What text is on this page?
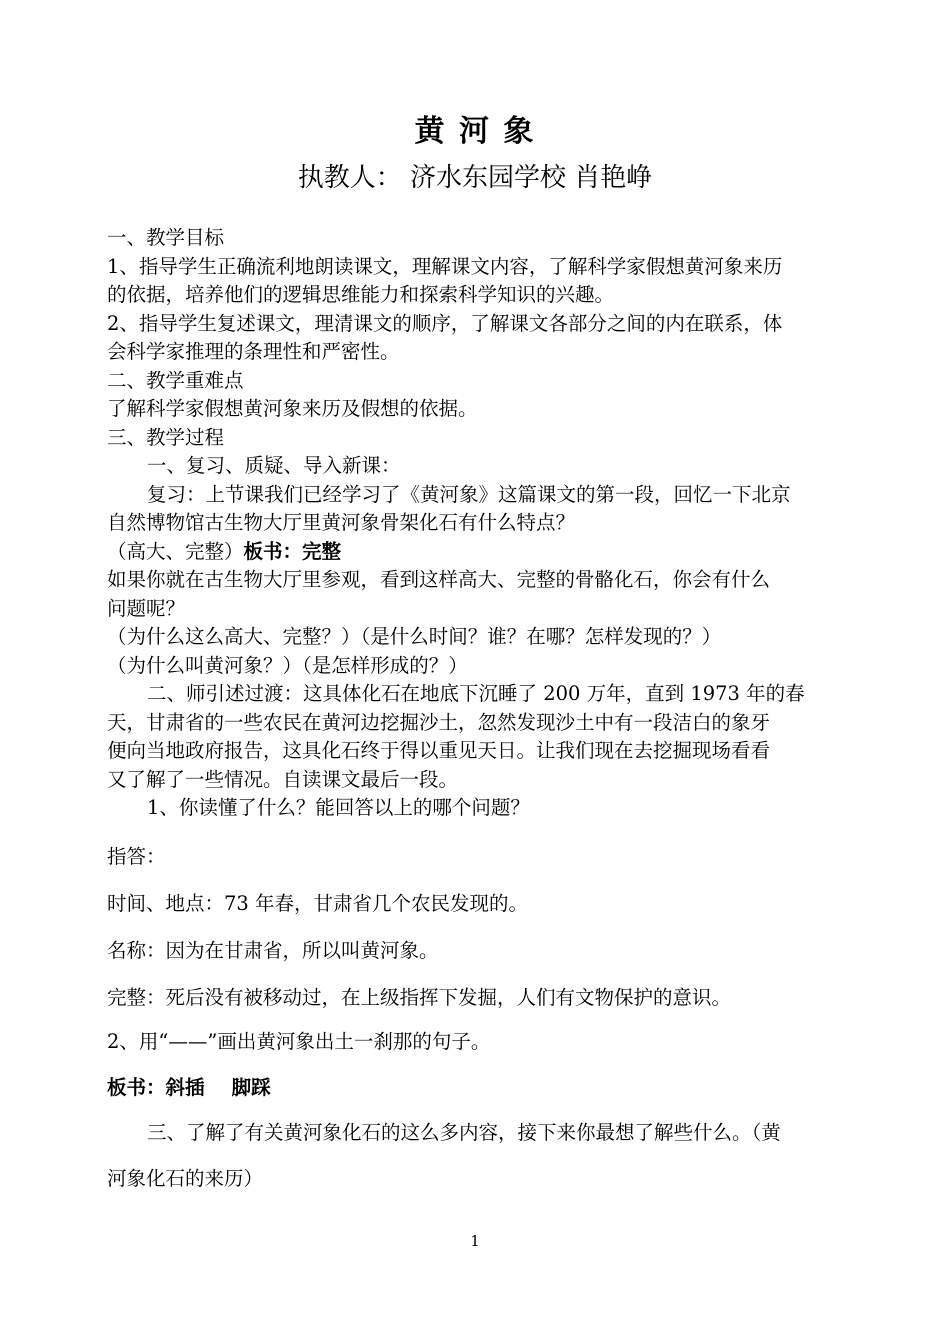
黄 河 象
执教人： 济水东园学校 肖艳峥
一、教学目标
1、指导学生正确流利地朗读课文，理解课文内容，了解科学家假想黄河象来历
的依据，培养他们的逻辑思维能力和探索科学知识的兴趣。
2、指导学生复述课文，理清课文的顺序，了解课文各部分之间的内在联系，体
会科学家推理的条理性和严密性。
二、教学重难点
了解科学家假想黄河象来历及假想的依据。
三、教学过程
一、复习、质疑、导入新课：
复习：上节课我们已经学习了《黄河象》这篇课文的第一段，回忆一下北京
自然博物馆古生物大厅里黄河象骨架化石有什么特点？
（高大、完整）板书：完整
如果你就在古生物大厅里参观，看到这样高大、完整的骨骼化石，你会有什么
问题呢？
（为什么这么高大、完整？）（是什么时间？谁？在哪？怎样发现的？）
（为什么叫黄河象？）（是怎样形成的？）
二、师引述过渡：这具体化石在地底下沉睡了 200 万年，直到 1973 年的春
天，甘肃省的一些农民在黄河边挖掘沙土，忽然发现沙土中有一段洁白的象牙
便向当地政府报告，这具化石终于得以重见天日。让我们现在去挖掘现场看看
又了解了一些情况。自读课文最后一段。
1、你读懂了什么？能回答以上的哪个问题？
指答：
时间、地点：73 年春，甘肃省几个农民发现的。
名称：因为在甘肃省，所以叫黄河象。
完整：死后没有被移动过，在上级指挥下发掘，人们有文物保护的意识。
2、用“——”画出黄河象出土一刹那的句子。
板书：斜插    脚踩
三、了解了有关黄河象化石的这么多内容，接下来你最想了解些什么。（黄
河象化石的来历）
1
